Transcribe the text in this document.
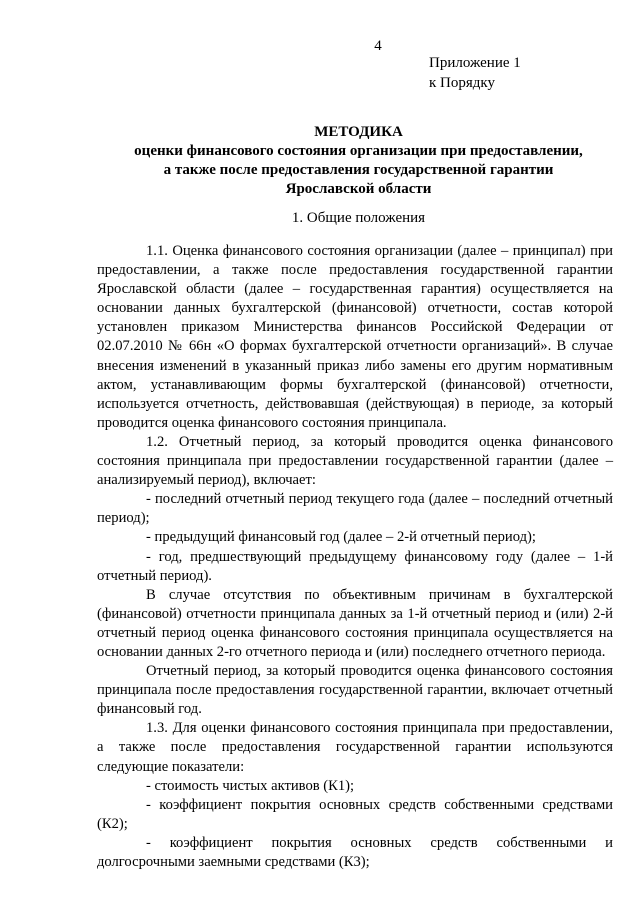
4
Приложение 1
к Порядку
МЕТОДИКА
оценки финансового состояния организации при предоставлении,
а также после предоставления государственной гарантии
Ярославской области
1. Общие положения

1.1. Оценка финансового состояния организации (далее – принципал) при предоставлении, а также после предоставления государственной гарантии Ярославской области (далее – государственная гарантия) осуществляется на основании данных бухгалтерской (финансовой) отчетности, состав которой установлен приказом Министерства финансов Российской Федерации от 02.07.2010 № 66н «О формах бухгалтерской отчетности организаций». В случае внесения изменений в указанный приказ либо замены его другим нормативным актом, устанавливающим формы бухгалтерской (финансовой) отчетности, используется отчетность, действовавшая (действующая) в периоде, за который проводится оценка финансового состояния принципала.

1.2. Отчетный период, за который проводится оценка финансового состояния принципала при предоставлении государственной гарантии (далее – анализируемый период), включает:

- последний отчетный период текущего года (далее – последний отчетный период);

- предыдущий финансовый год (далее – 2-й отчетный период);

- год, предшествующий предыдущему финансовому году (далее – 1-й отчетный период).

В случае отсутствия по объективным причинам в бухгалтерской (финансовой) отчетности принципала данных за 1-й отчетный период и (или) 2-й отчетный период оценка финансового состояния принципала осуществляется на основании данных 2-го отчетного периода и (или) последнего отчетного периода.

Отчетный период, за который проводится оценка финансового состояния принципала после предоставления государственной гарантии, включает отчетный финансовый год.

1.3. Для оценки финансового состояния принципала при предоставлении, а также после предоставления государственной гарантии используются следующие показатели:

- стоимость чистых активов (К1);

- коэффициент покрытия основных средств собственными средствами (К2);

- коэффициент покрытия основных средств собственными и долгосрочными заемными средствами (К3);
